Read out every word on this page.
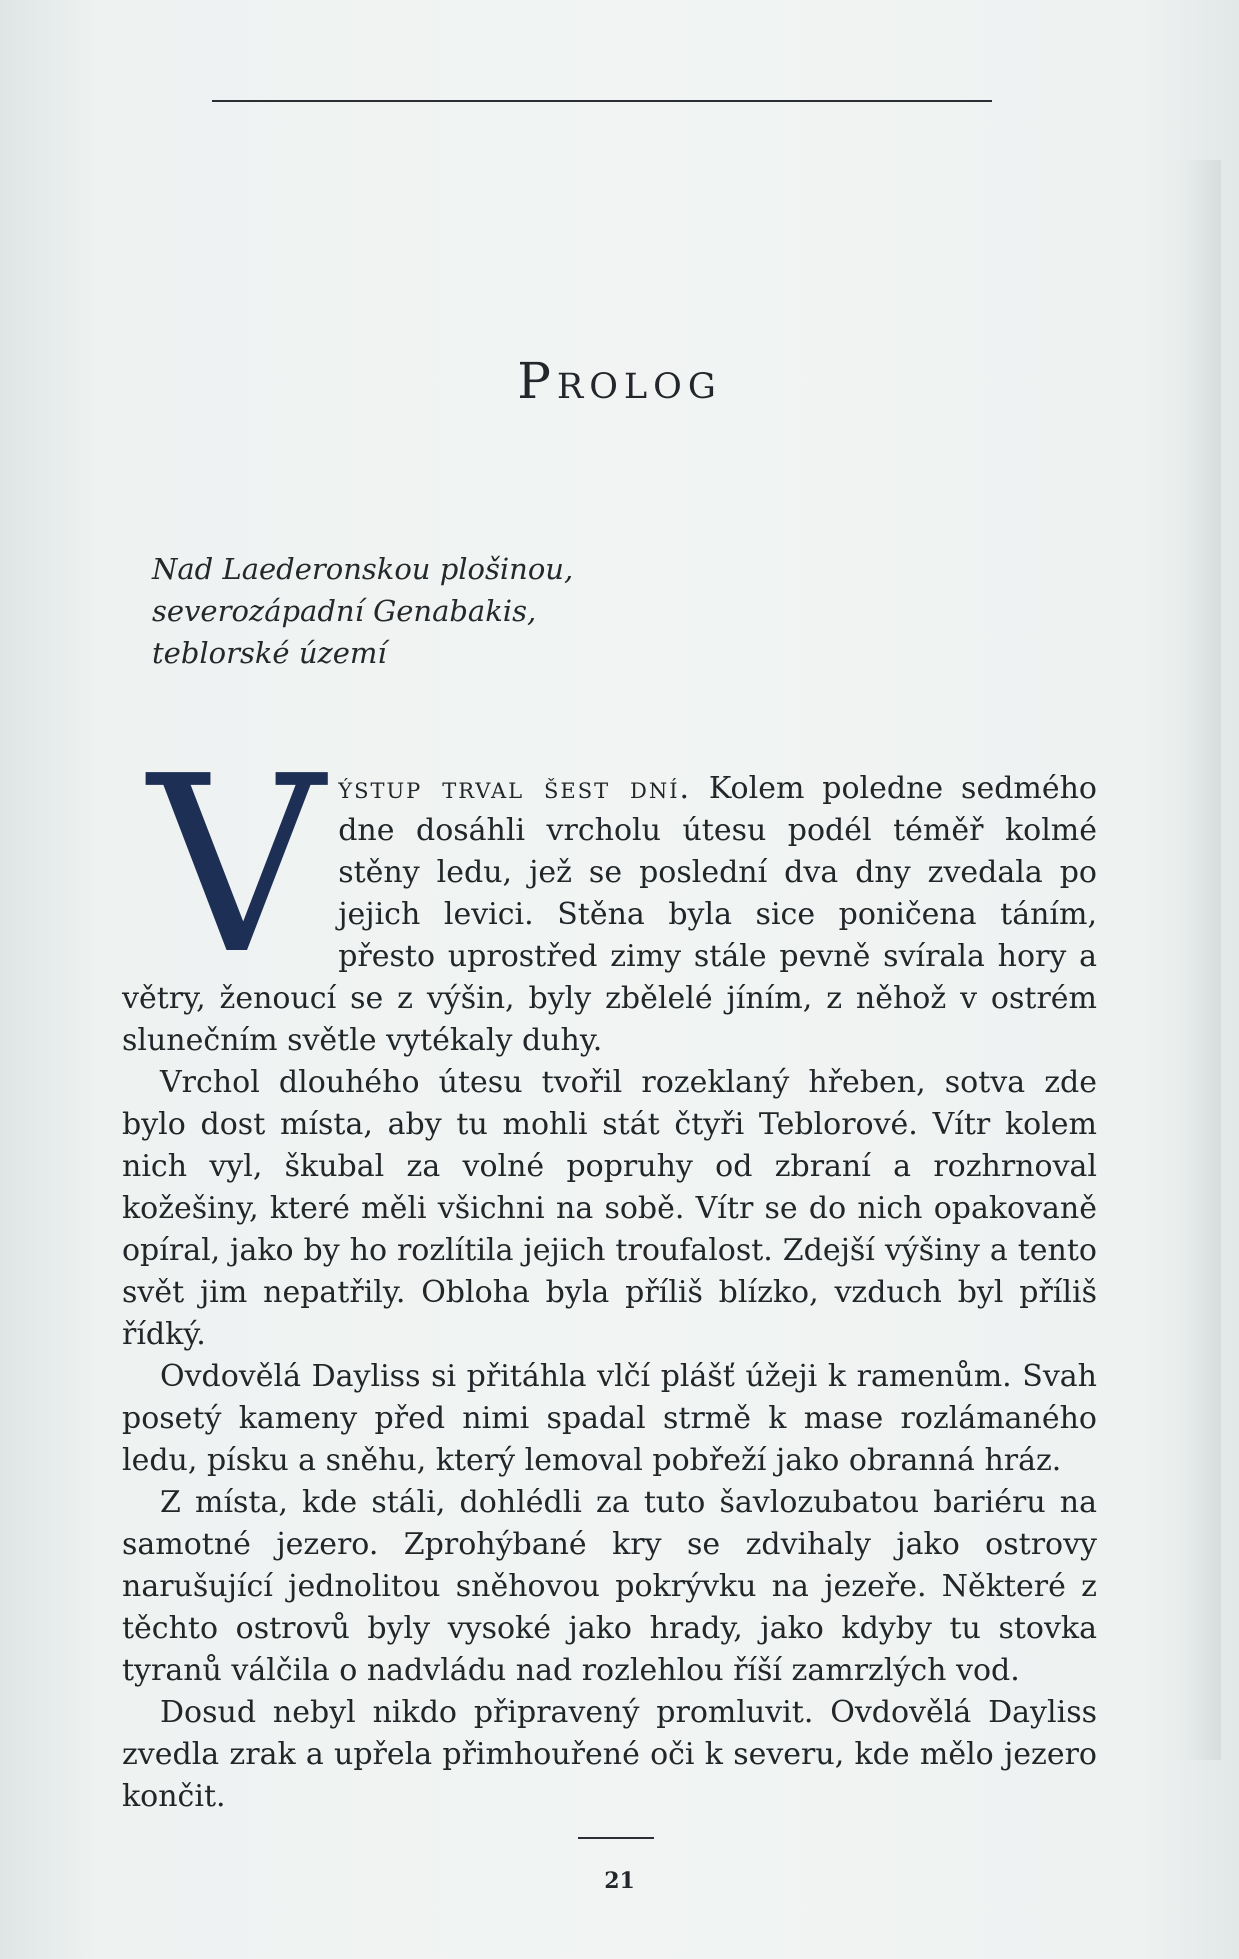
Prolog
Nad Laederonskou plošinou,
severozápadní Genabakis,
teblorské území

Výstup trval šest dní. Kolem poledne sedmého dne dosáhli vrcholu útesu podél téměř kolmé stěny ledu, jež se poslední dva dny zvedala po jejich levici. Stěna byla sice poničena táním, přesto uprostřed zimy stále pevně svírala hory a větry, ženoucí se z výšin, byly zbělelé jíním, z něhož v ostrém slunečním světle vytékaly duhy.

Vrchol dlouhého útesu tvořil rozeklaný hřeben, sotva zde bylo dost místa, aby tu mohli stát čtyři Teblorové. Vítr kolem nich vyl, škubal za volné popruhy od zbraní a rozhrnoval kožešiny, které měli všichni na sobě. Vítr se do nich opakovaně opíral, jako by ho rozlítila jejich troufalost. Zdejší výšiny a tento svět jim nepatřily. Obloha byla příliš blízko, vzduch byl příliš řídký.

Ovdovělá Dayliss si přitáhla vlčí plášť úžeji k ramenům. Svah posetý kameny před nimi spadal strmě k mase rozlámaného ledu, písku a sněhu, který lemoval pobřeží jako obranná hráz.

Z místa, kde stáli, dohlédli za tuto šavlozubatou bariéru na samotné jezero. Zprohýbané kry se zdvihaly jako ostrovy narušující jednolitou sněhovou pokrývku na jezeře. Některé z těchto ostrovů byly vysoké jako hrady, jako kdyby tu stovka tyranů válčila o nadvládu nad rozlehlou říší zamrzlých vod.

Dosud nebyl nikdo připravený promluvit. Ovdovělá Dayliss zvedla zrak a upřela přimhouřené oči k severu, kde mělo jezero končit.

21
